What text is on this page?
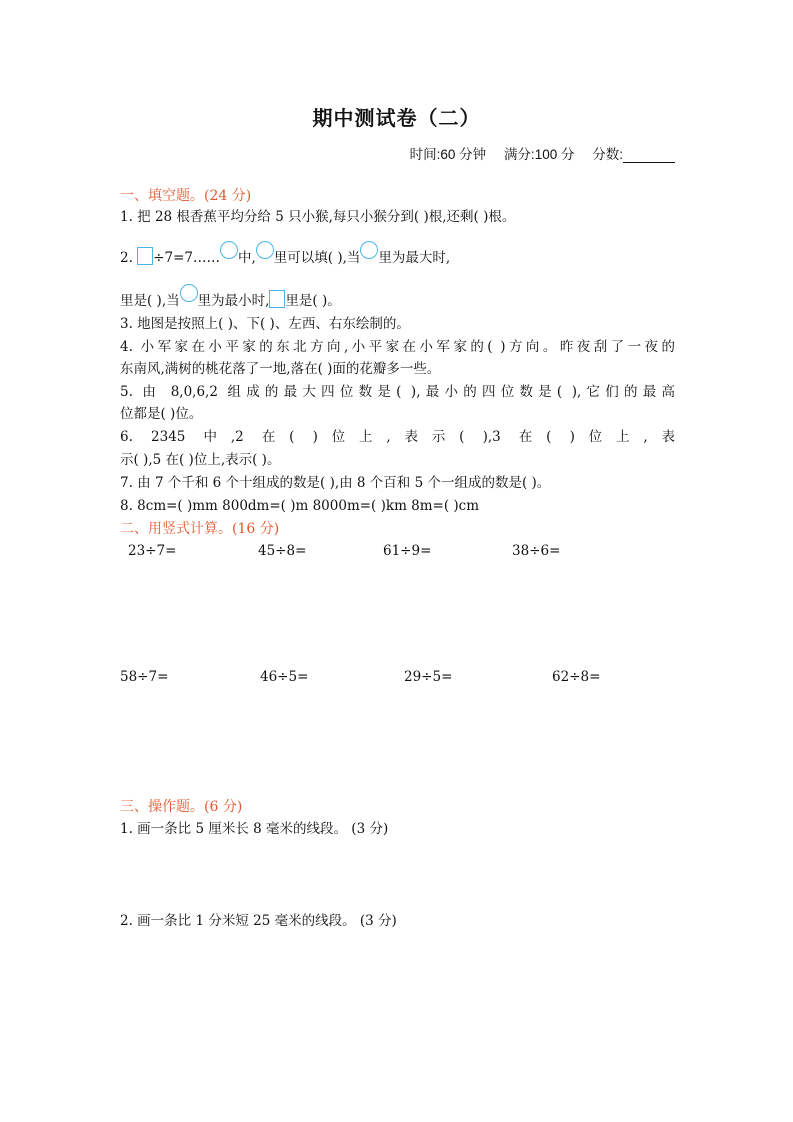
期中测试卷（二）
时间:60 分钟 满分:100 分 分数:
一、填空题。(24 分)
1. 把 28 根香蕉平均分给 5 只小猴,每只小猴分到( )根,还剩( )根。
2. ÷7=7…… 中, 里可以填( ),当 里为最大时,
里是( ),当 里为最小时, 里是( )。
3. 地图是按照上( )、下( )、左西、右东绘制的。
4. 小军家在小平家的东北方向,小平家在小军家的( )方向。昨夜刮了一夜的
东南风,满树的桃花落了一地,落在( )面的花瓣多一些。
5. 由 8,0,6,2 组成的最大四位数是( ),最小的四位数是( ),它们的最高
位都是( )位。
6. 2345 中,2 在( )位上,表示( ),3 在( )位上,表
示( ),5 在( )位上,表示( )。
7. 由 7 个千和 6 个十组成的数是( ),由 8 个百和 5 个一组成的数是( )。
8. 8cm=( )mm 800dm=( )m 8000m=( )km 8m=( )cm
二、用竖式计算。(16 分)
23÷7=	45÷8=	61÷9=	38÷6=
58÷7=	46÷5=	29÷5=	62÷8=
三、操作题。(6 分)
1. 画一条比 5 厘米长 8 毫米的线段。 (3 分)
2. 画一条比 1 分米短 25 毫米的线段。 (3 分)
